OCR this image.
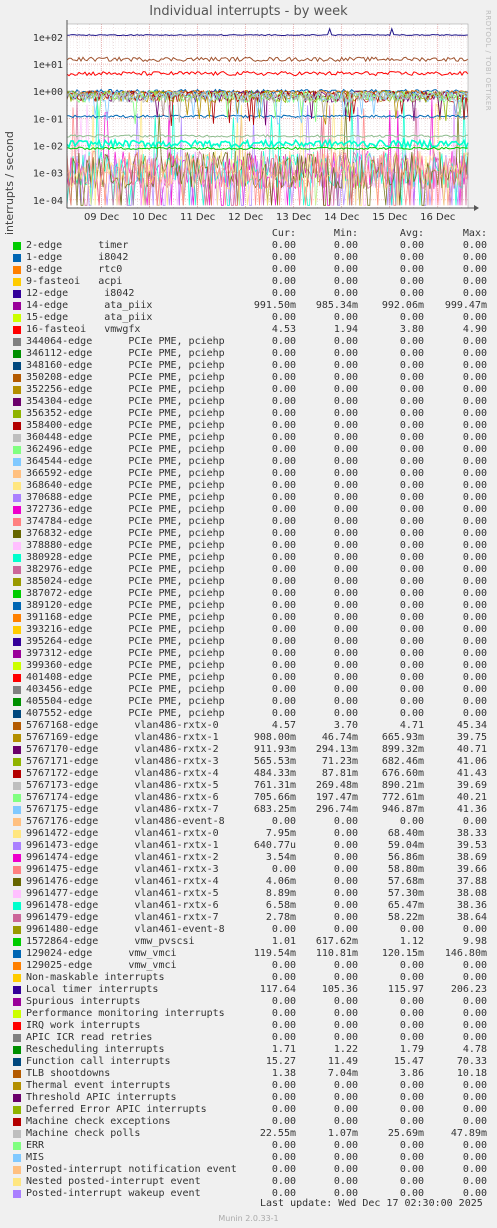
Individual interrupts - by week
interrupts / second
RRDTOOL / TOBI OETIKER
1e+02
1e+01
1e+00
1e-01
1e-02
1e-03
1e-04
09 Dec 10 Dec 11 Dec 12 Dec 13 Dec 14 Dec 15 Dec 16 Dec
Cur:	Min:	Avg:	Max:
2-edge      timer	0.00	0.00	0.00	0.00
1-edge      i8042	0.00	0.00	0.00	0.00
8-edge      rtc0	0.00	0.00	0.00	0.00
9-fasteoi   acpi	0.00	0.00	0.00	0.00
12-edge      i8042	0.00	0.00	0.00	0.00
14-edge      ata_piix	991.50m	985.34m	992.06m	999.47m
15-edge      ata_piix	0.00	0.00	0.00	0.00
16-fasteoi   vmwgfx	4.53	1.94	3.80	4.90
344064-edge      PCIe PME, pciehp	0.00	0.00	0.00	0.00
346112-edge      PCIe PME, pciehp	0.00	0.00	0.00	0.00
348160-edge      PCIe PME, pciehp	0.00	0.00	0.00	0.00
350208-edge      PCIe PME, pciehp	0.00	0.00	0.00	0.00
352256-edge      PCIe PME, pciehp	0.00	0.00	0.00	0.00
354304-edge      PCIe PME, pciehp	0.00	0.00	0.00	0.00
356352-edge      PCIe PME, pciehp	0.00	0.00	0.00	0.00
358400-edge      PCIe PME, pciehp	0.00	0.00	0.00	0.00
360448-edge      PCIe PME, pciehp	0.00	0.00	0.00	0.00
362496-edge      PCIe PME, pciehp	0.00	0.00	0.00	0.00
364544-edge      PCIe PME, pciehp	0.00	0.00	0.00	0.00
366592-edge      PCIe PME, pciehp	0.00	0.00	0.00	0.00
368640-edge      PCIe PME, pciehp	0.00	0.00	0.00	0.00
370688-edge      PCIe PME, pciehp	0.00	0.00	0.00	0.00
372736-edge      PCIe PME, pciehp	0.00	0.00	0.00	0.00
374784-edge      PCIe PME, pciehp	0.00	0.00	0.00	0.00
376832-edge      PCIe PME, pciehp	0.00	0.00	0.00	0.00
378880-edge      PCIe PME, pciehp	0.00	0.00	0.00	0.00
380928-edge      PCIe PME, pciehp	0.00	0.00	0.00	0.00
382976-edge      PCIe PME, pciehp	0.00	0.00	0.00	0.00
385024-edge      PCIe PME, pciehp	0.00	0.00	0.00	0.00
387072-edge      PCIe PME, pciehp	0.00	0.00	0.00	0.00
389120-edge      PCIe PME, pciehp	0.00	0.00	0.00	0.00
391168-edge      PCIe PME, pciehp	0.00	0.00	0.00	0.00
393216-edge      PCIe PME, pciehp	0.00	0.00	0.00	0.00
395264-edge      PCIe PME, pciehp	0.00	0.00	0.00	0.00
397312-edge      PCIe PME, pciehp	0.00	0.00	0.00	0.00
399360-edge      PCIe PME, pciehp	0.00	0.00	0.00	0.00
401408-edge      PCIe PME, pciehp	0.00	0.00	0.00	0.00
403456-edge      PCIe PME, pciehp	0.00	0.00	0.00	0.00
405504-edge      PCIe PME, pciehp	0.00	0.00	0.00	0.00
407552-edge      PCIe PME, pciehp	0.00	0.00	0.00	0.00
5767168-edge      vlan486-rxtx-0	4.57	3.70	4.71	45.34
5767169-edge      vlan486-rxtx-1	908.00m	46.74m	665.93m	39.75
5767170-edge      vlan486-rxtx-2	911.93m	294.13m	899.32m	40.71
5767171-edge      vlan486-rxtx-3	565.53m	71.23m	682.46m	41.06
5767172-edge      vlan486-rxtx-4	484.33m	87.81m	676.60m	41.43
5767173-edge      vlan486-rxtx-5	761.31m	269.48m	890.21m	39.69
5767174-edge      vlan486-rxtx-6	705.66m	197.47m	772.61m	40.21
5767175-edge      vlan486-rxtx-7	683.25m	296.74m	946.87m	41.36
5767176-edge      vlan486-event-8	0.00	0.00	0.00	0.00
9961472-edge      vlan461-rxtx-0	7.95m	0.00	68.40m	38.33
9961473-edge      vlan461-rxtx-1	640.77u	0.00	59.04m	39.53
9961474-edge      vlan461-rxtx-2	3.54m	0.00	56.86m	38.69
9961475-edge      vlan461-rxtx-3	0.00	0.00	58.80m	39.66
9961476-edge      vlan461-rxtx-4	4.06m	0.00	57.68m	37.88
9961477-edge      vlan461-rxtx-5	8.89m	0.00	57.30m	38.08
9961478-edge      vlan461-rxtx-6	6.58m	0.00	65.47m	38.36
9961479-edge      vlan461-rxtx-7	2.78m	0.00	58.22m	38.64
9961480-edge      vlan461-event-8	0.00	0.00	0.00	0.00
1572864-edge      vmw_pvscsi	1.01	617.62m	1.12	9.98
129024-edge      vmw_vmci	119.54m	110.81m	120.15m	146.80m
129025-edge      vmw_vmci	0.00	0.00	0.00	0.00
Non-maskable interrupts	0.00	0.00	0.00	0.00
Local timer interrupts	117.64	105.36	115.97	206.23
Spurious interrupts	0.00	0.00	0.00	0.00
Performance monitoring interrupts	0.00	0.00	0.00	0.00
IRQ work interrupts	0.00	0.00	0.00	0.00
APIC ICR read retries	0.00	0.00	0.00	0.00
Rescheduling interrupts	1.71	1.22	1.79	4.78
Function call interrupts	15.27	11.49	15.47	70.33
TLB shootdowns	1.38	7.04m	3.86	10.18
Thermal event interrupts	0.00	0.00	0.00	0.00
Threshold APIC interrupts	0.00	0.00	0.00	0.00
Deferred Error APIC interrupts	0.00	0.00	0.00	0.00
Machine check exceptions	0.00	0.00	0.00	0.00
Machine check polls	22.55m	1.07m	25.69m	47.89m
ERR	0.00	0.00	0.00	0.00
MIS	0.00	0.00	0.00	0.00
Posted-interrupt notification event	0.00	0.00	0.00	0.00
Nested posted-interrupt event	0.00	0.00	0.00	0.00
Posted-interrupt wakeup event	0.00	0.00	0.00	0.00
Last update: Wed Dec 17 02:30:00 2025
Munin 2.0.33-1
